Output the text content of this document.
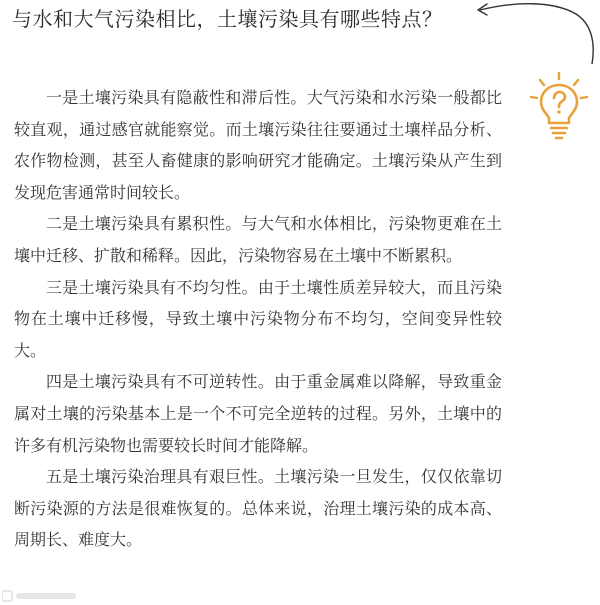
与水和大气污染相比，土壤污染具有哪些特点？

一是土壤污染具有隐蔽性和滞后性。大气污染和水污染一般都比较直观，通过感官就能察觉。而土壤污染往往要通过土壤样品分析、农作物检测，甚至人畜健康的影响研究才能确定。土壤污染从产生到发现危害通常时间较长。

二是土壤污染具有累积性。与大气和水体相比，污染物更难在土壤中迁移、扩散和稀释。因此，污染物容易在土壤中不断累积。

三是土壤污染具有不均匀性。由于土壤性质差异较大，而且污染物在土壤中迁移慢，导致土壤中污染物分布不均匀，空间变异性较大。

四是土壤污染具有不可逆转性。由于重金属难以降解，导致重金属对土壤的污染基本上是一个不可完全逆转的过程。另外，土壤中的许多有机污染物也需要较长时间才能降解。

五是土壤污染治理具有艰巨性。土壤污染一旦发生，仅仅依靠切断污染源的方法是很难恢复的。总体来说，治理土壤污染的成本高、周期长、难度大。
